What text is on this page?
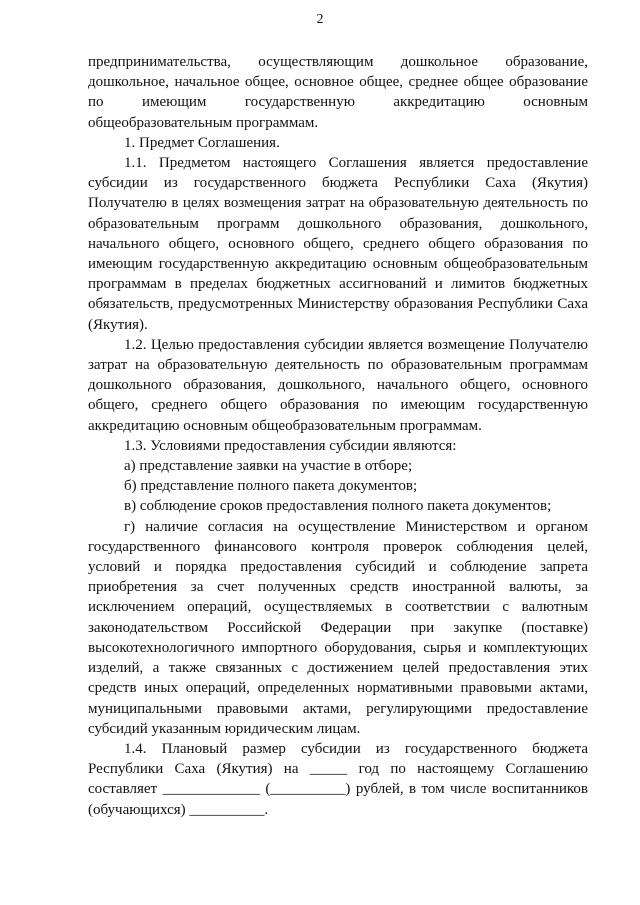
2

предпринимательства, осуществляющим дошкольное образование, дошкольное, начальное общее, основное общее, среднее общее образование по имеющим государственную аккредитацию основным общеобразовательным программам.

1. Предмет Соглашения.

1.1. Предметом настоящего Соглашения является предоставление субсидии из государственного бюджета Республики Саха (Якутия) Получателю в целях возмещения затрат на образовательную деятельность по образовательным программ дошкольного образования, дошкольного, начального общего, основного общего, среднего общего образования по имеющим государственную аккредитацию основным общеобразовательным программам в пределах бюджетных ассигнований и лимитов бюджетных обязательств, предусмотренных Министерству образования Республики Саха (Якутия).

1.2. Целью предоставления субсидии является возмещение Получателю затрат на образовательную деятельность по образовательным программам дошкольного образования, дошкольного, начального общего, основного общего, среднего общего образования по имеющим государственную аккредитацию основным общеобразовательным программам.

1.3. Условиями предоставления субсидии являются:

а) представление заявки на участие в отборе;

б) представление полного пакета документов;

в) соблюдение сроков предоставления полного пакета документов;

г) наличие согласия на осуществление Министерством и органом государственного финансового контроля проверок соблюдения целей, условий и порядка предоставления субсидий и соблюдение запрета приобретения за счет полученных средств иностранной валюты, за исключением операций, осуществляемых в соответствии с валютным законодательством Российской Федерации при закупке (поставке) высокотехнологичного импортного оборудования, сырья и комплектующих изделий, а также связанных с достижением целей предоставления этих средств иных операций, определенных нормативными правовыми актами, муниципальными правовыми актами, регулирующими предоставление субсидий указанным юридическим лицам.

1.4. Плановый размер субсидии из государственного бюджета Республики Саха (Якутия) на _____ год по настоящему Соглашению составляет _____________ (__________) рублей, в том числе воспитанников (обучающихся) __________.
